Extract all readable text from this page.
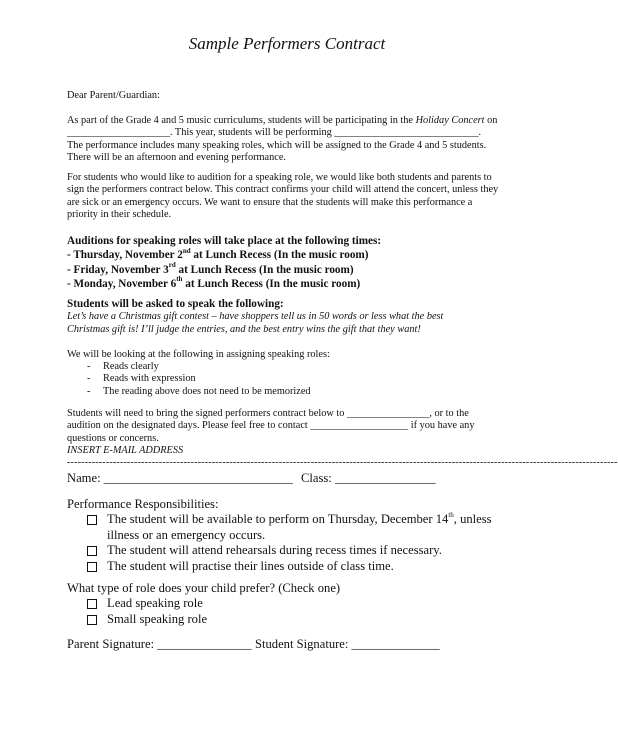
Sample Performers Contract
Dear Parent/Guardian:
As part of the Grade 4 and 5 music curriculums, students will be participating in the Holiday Concert on
____________________. This year, students will be performing ____________________________.
The performance includes many speaking roles, which will be assigned to the Grade 4 and 5 students.
There will be an afternoon and evening performance.
For students who would like to audition for a speaking role, we would like both students and parents to
sign the performers contract below. This contract confirms your child will attend the concert, unless they
are sick or an emergency occurs. We want to ensure that the students will make this performance a
priority in their schedule.
Auditions for speaking roles will take place at the following times:
- Thursday, November 2nd at Lunch Recess (In the music room)
- Friday, November 3rd at Lunch Recess (In the music room)
- Monday, November 6th at Lunch Recess (In the music room)
Students will be asked to speak the following:
Let’s have a Christmas gift contest – have shoppers tell us in 50 words or less what the best
Christmas gift is! I’ll judge the entries, and the best entry wins the gift that they want!
We will be looking at the following in assigning speaking roles:
- Reads clearly
- Reads with expression
- The reading above does not need to be memorized
Students will need to bring the signed performers contract below to ________________, or to the
audition on the designated days. Please feel free to contact ___________________ if you have any
questions or concerns.
INSERT E-MAIL ADDRESS
------------------------------------------------------------------------------------------------------------------------------------------------------------
Name: ______________________________ Class: ________________
Performance Responsibilities:
The student will be available to perform on Thursday, December 14th, unless
illness or an emergency occurs.
The student will attend rehearsals during recess times if necessary.
The student will practise their lines outside of class time.
What type of role does your child prefer? (Check one)
Lead speaking role
Small speaking role
Parent Signature: _______________ Student Signature: ______________
